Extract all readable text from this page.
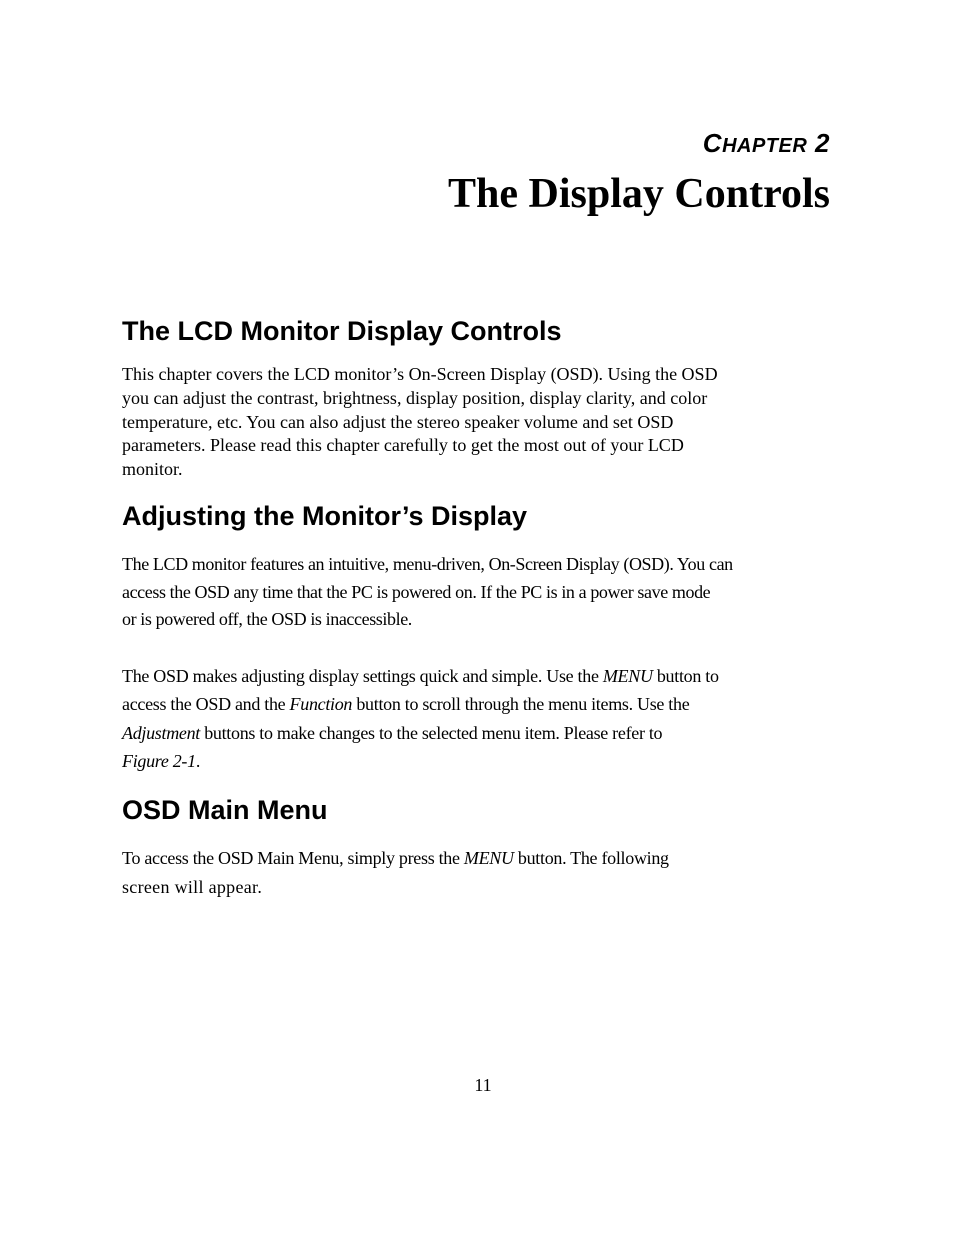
CHAPTER 2
The Display Controls
The LCD Monitor Display Controls
This chapter covers the LCD monitor’s On-Screen Display (OSD). Using the OSD
you can adjust the contrast, brightness, display position, display clarity, and color
temperature, etc. You can also adjust the stereo speaker volume and set OSD
parameters. Please read this chapter carefully to get the most out of your LCD
monitor.
Adjusting the Monitor’s Display
The LCD monitor features an intuitive, menu-driven, On-Screen Display (OSD). You can
access the OSD any time that the PC is powered on. If the PC is in a power save mode
or is powered off, the OSD is inaccessible.
The OSD makes adjusting display settings quick and simple. Use the MENU button to
access the OSD and the Function button to scroll through the menu items. Use the
Adjustment buttons to make changes to the selected menu item. Please refer to
Figure 2-1.
OSD Main Menu
To access the OSD Main Menu, simply press the MENU button. The following
screen will appear.
11
